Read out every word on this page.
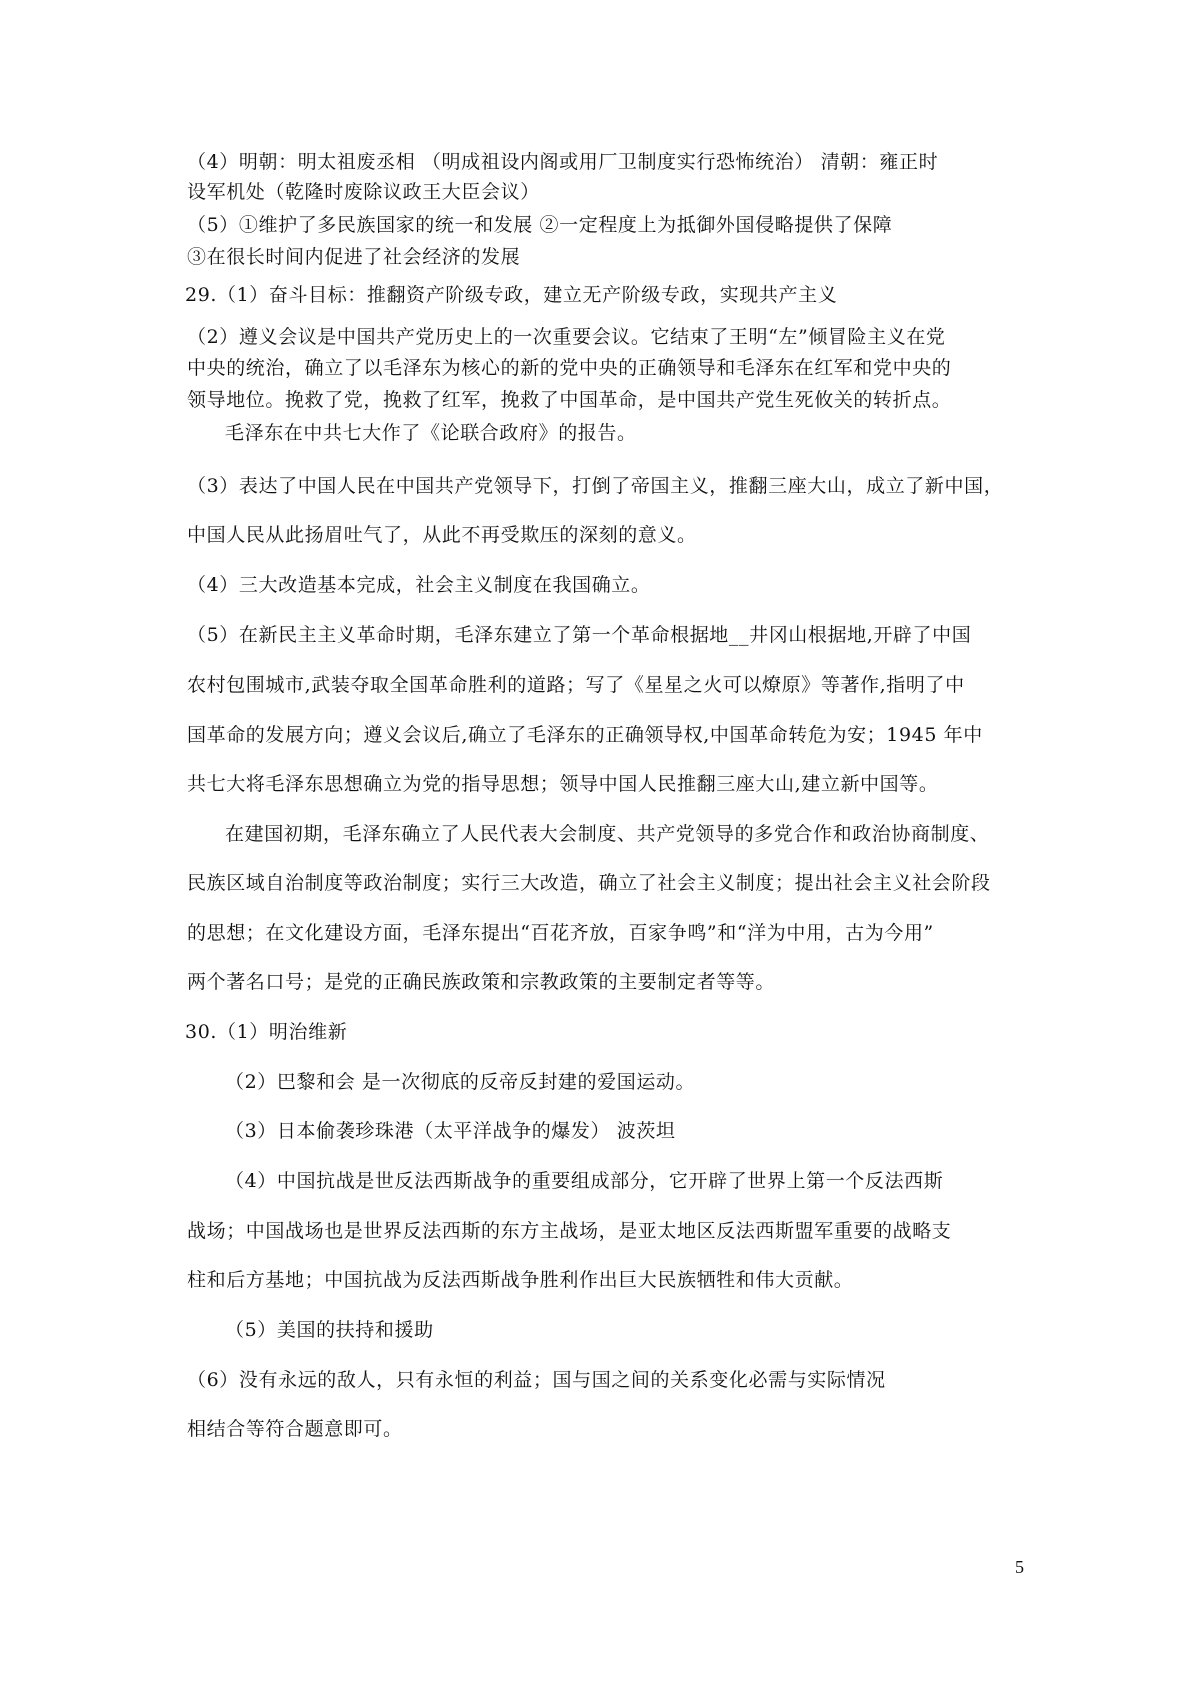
（4）明朝：明太祖废丞相 （明成祖设内阁或用厂卫制度实行恐怖统治） 清朝：雍正时
设军机处（乾隆时废除议政王大臣会议）
（5）①维护了多民族国家的统一和发展 ②一定程度上为抵御外国侵略提供了保障
③在很长时间内促进了社会经济的发展
29.（1）奋斗目标：推翻资产阶级专政，建立无产阶级专政，实现共产主义
（2）遵义会议是中国共产党历史上的一次重要会议。它结束了王明“左”倾冒险主义在党
中央的统治，确立了以毛泽东为核心的新的党中央的正确领导和毛泽东在红军和党中央的
领导地位。挽救了党，挽救了红军，挽救了中国革命，是中国共产党生死攸关的转折点。
毛泽东在中共七大作了《论联合政府》的报告。
（3）表达了中国人民在中国共产党领导下，打倒了帝国主义，推翻三座大山，成立了新中国，
中国人民从此扬眉吐气了，从此不再受欺压的深刻的意义。
（4）三大改造基本完成，社会主义制度在我国确立。
（5）在新民主主义革命时期，毛泽东建立了第一个革命根据地__井冈山根据地,开辟了中国
农村包围城市,武装夺取全国革命胜利的道路；写了《星星之火可以燎原》等著作,指明了中
国革命的发展方向；遵义会议后,确立了毛泽东的正确领导权,中国革命转危为安；1945 年中
共七大将毛泽东思想确立为党的指导思想；领导中国人民推翻三座大山,建立新中国等。
在建国初期，毛泽东确立了人民代表大会制度、共产党领导的多党合作和政治协商制度、
民族区域自治制度等政治制度；实行三大改造，确立了社会主义制度；提出社会主义社会阶段
的思想；在文化建设方面，毛泽东提出“百花齐放，百家争鸣”和“洋为中用，古为今用”
两个著名口号；是党的正确民族政策和宗教政策的主要制定者等等。
30.（1）明治维新
（2）巴黎和会 是一次彻底的反帝反封建的爱国运动。
（3）日本偷袭珍珠港（太平洋战争的爆发） 波茨坦
（4）中国抗战是世反法西斯战争的重要组成部分，它开辟了世界上第一个反法西斯
战场；中国战场也是世界反法西斯的东方主战场，是亚太地区反法西斯盟军重要的战略支
柱和后方基地；中国抗战为反法西斯战争胜利作出巨大民族牺牲和伟大贡献。
（5）美国的扶持和援助
（6）没有永远的敌人，只有永恒的利益；国与国之间的关系变化必需与实际情况
相结合等符合题意即可。
5
